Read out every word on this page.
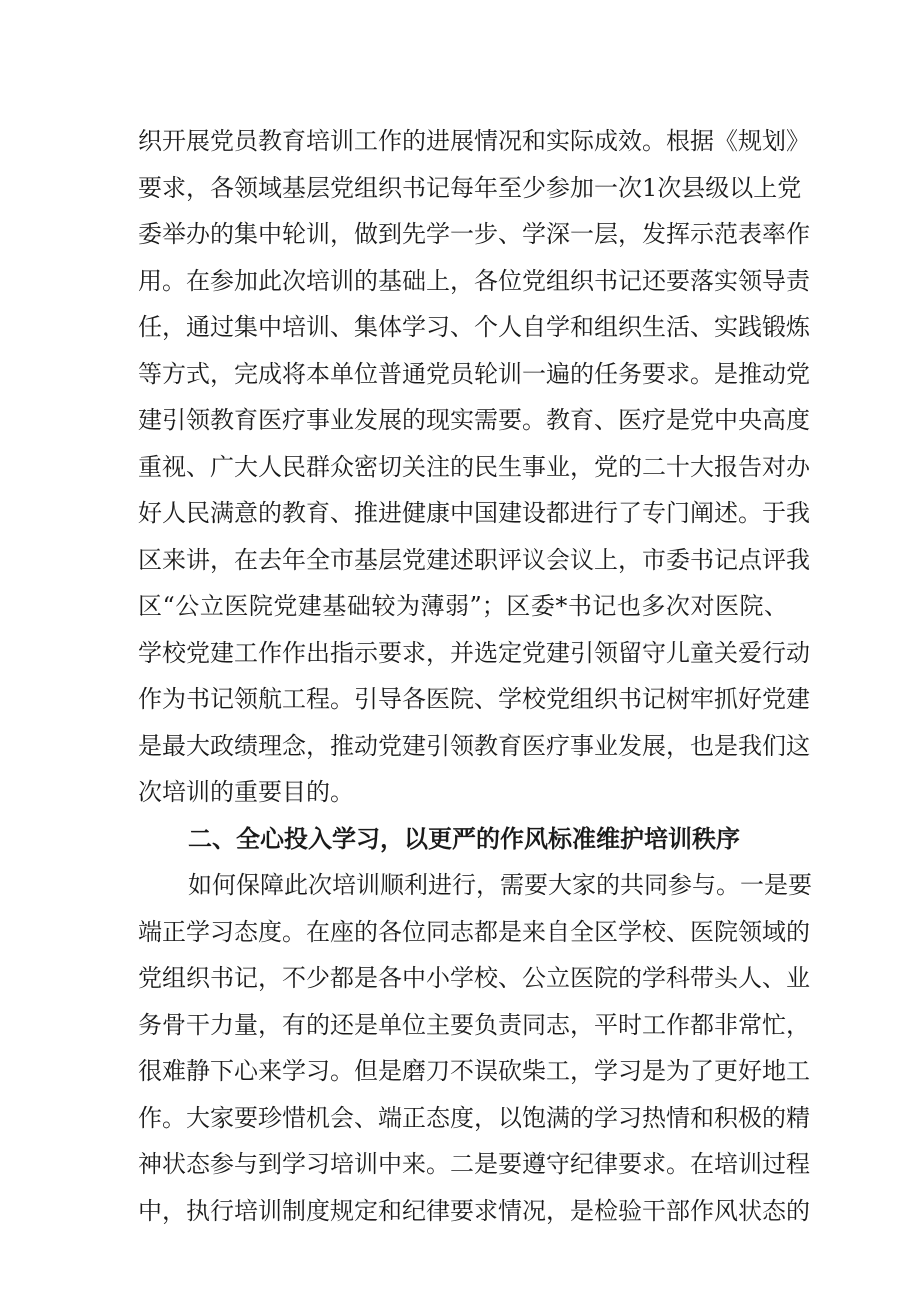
织开展党员教育培训工作的进展情况和实际成效。根据《规划》
要求，各领域基层党组织书记每年至少参加一次1次县级以上党
委举办的集中轮训，做到先学一步、学深一层，发挥示范表率作
用。在参加此次培训的基础上，各位党组织书记还要落实领导责
任，通过集中培训、集体学习、个人自学和组织生活、实践锻炼
等方式，完成将本单位普通党员轮训一遍的任务要求。是推动党
建引领教育医疗事业发展的现实需要。教育、医疗是党中央高度
重视、广大人民群众密切关注的民生事业，党的二十大报告对办
好人民满意的教育、推进健康中国建设都进行了专门阐述。于我
区来讲，在去年全市基层党建述职评议会议上，市委书记点评我
区“公立医院党建基础较为薄弱”；区委*书记也多次对医院、
学校党建工作作出指示要求，并选定党建引领留守儿童关爱行动
作为书记领航工程。引导各医院、学校党组织书记树牢抓好党建
是最大政绩理念，推动党建引领教育医疗事业发展，也是我们这
次培训的重要目的。
二、全心投入学习，以更严的作风标准维护培训秩序
如何保障此次培训顺利进行，需要大家的共同参与。一是要
端正学习态度。在座的各位同志都是来自全区学校、医院领域的
党组织书记，不少都是各中小学校、公立医院的学科带头人、业
务骨干力量，有的还是单位主要负责同志，平时工作都非常忙，
很难静下心来学习。但是磨刀不误砍柴工，学习是为了更好地工
作。大家要珍惜机会、端正态度，以饱满的学习热情和积极的精
神状态参与到学习培训中来。二是要遵守纪律要求。在培训过程
中，执行培训制度规定和纪律要求情况，是检验干部作风状态的
